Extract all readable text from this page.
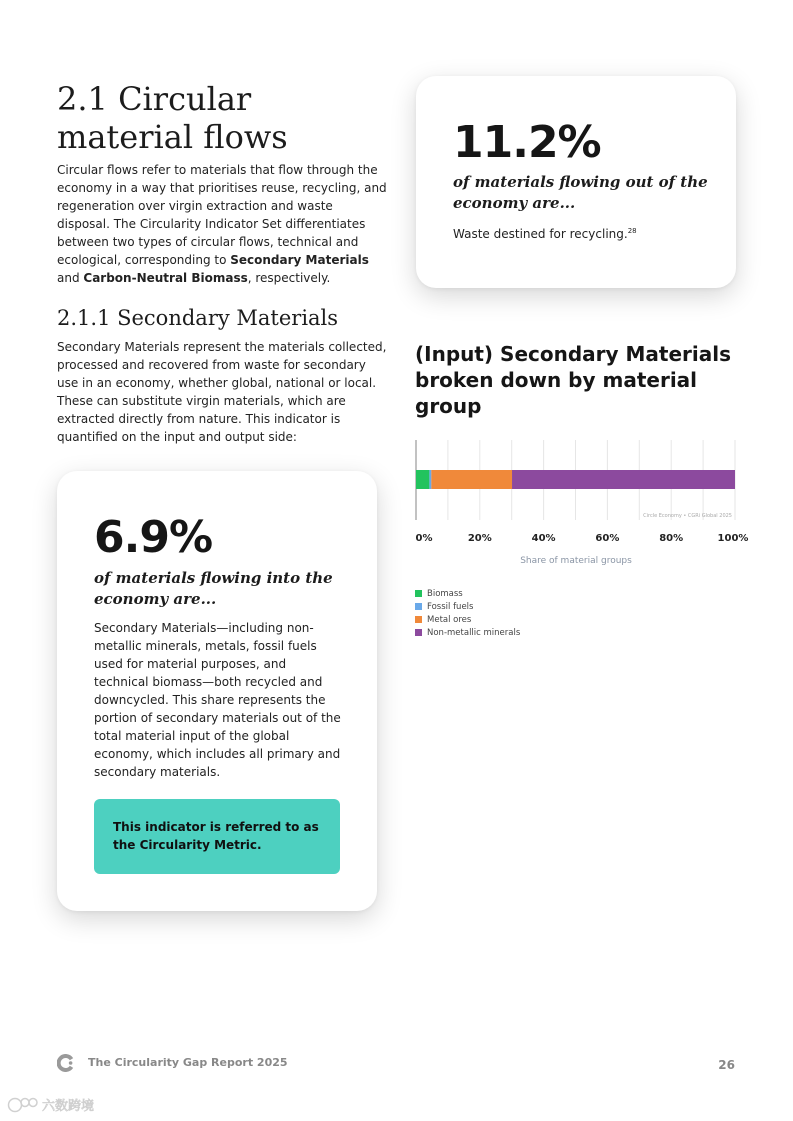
2.1 Circular
material flows

Circular flows refer to materials that flow through the economy in a way that prioritises reuse, recycling, and regeneration over virgin extraction and waste disposal. The Circularity Indicator Set differentiates between two types of circular flows, technical and ecological, corresponding to Secondary Materials and Carbon-Neutral Biomass, respectively.

2.1.1 Secondary Materials

Secondary Materials represent the materials collected, processed and recovered from waste for secondary use in an economy, whether global, national or local. These can substitute virgin materials, which are extracted directly from nature. This indicator is quantified on the input and output side:

6.9%
of materials flowing into the economy are...
Secondary Materials—including non-metallic minerals, metals, fossil fuels used for material purposes, and technical biomass—both recycled and downcycled. This share represents the portion of secondary materials out of the total material input of the global economy, which includes all primary and secondary materials.
This indicator is referred to as the Circularity Metric.
11.2%
of materials flowing out of the economy are...
Waste destined for recycling.$^{28}$
(Input) Secondary Materials broken down by material group
0%	20%	40%	60%	80%	100%
Circle Economy • CGRi Global 2025
Share of material groups
Biomass
Fossil fuels
Metal ores
Non-metallic minerals
The Circularity Gap Report 2025	26
六数跨境
